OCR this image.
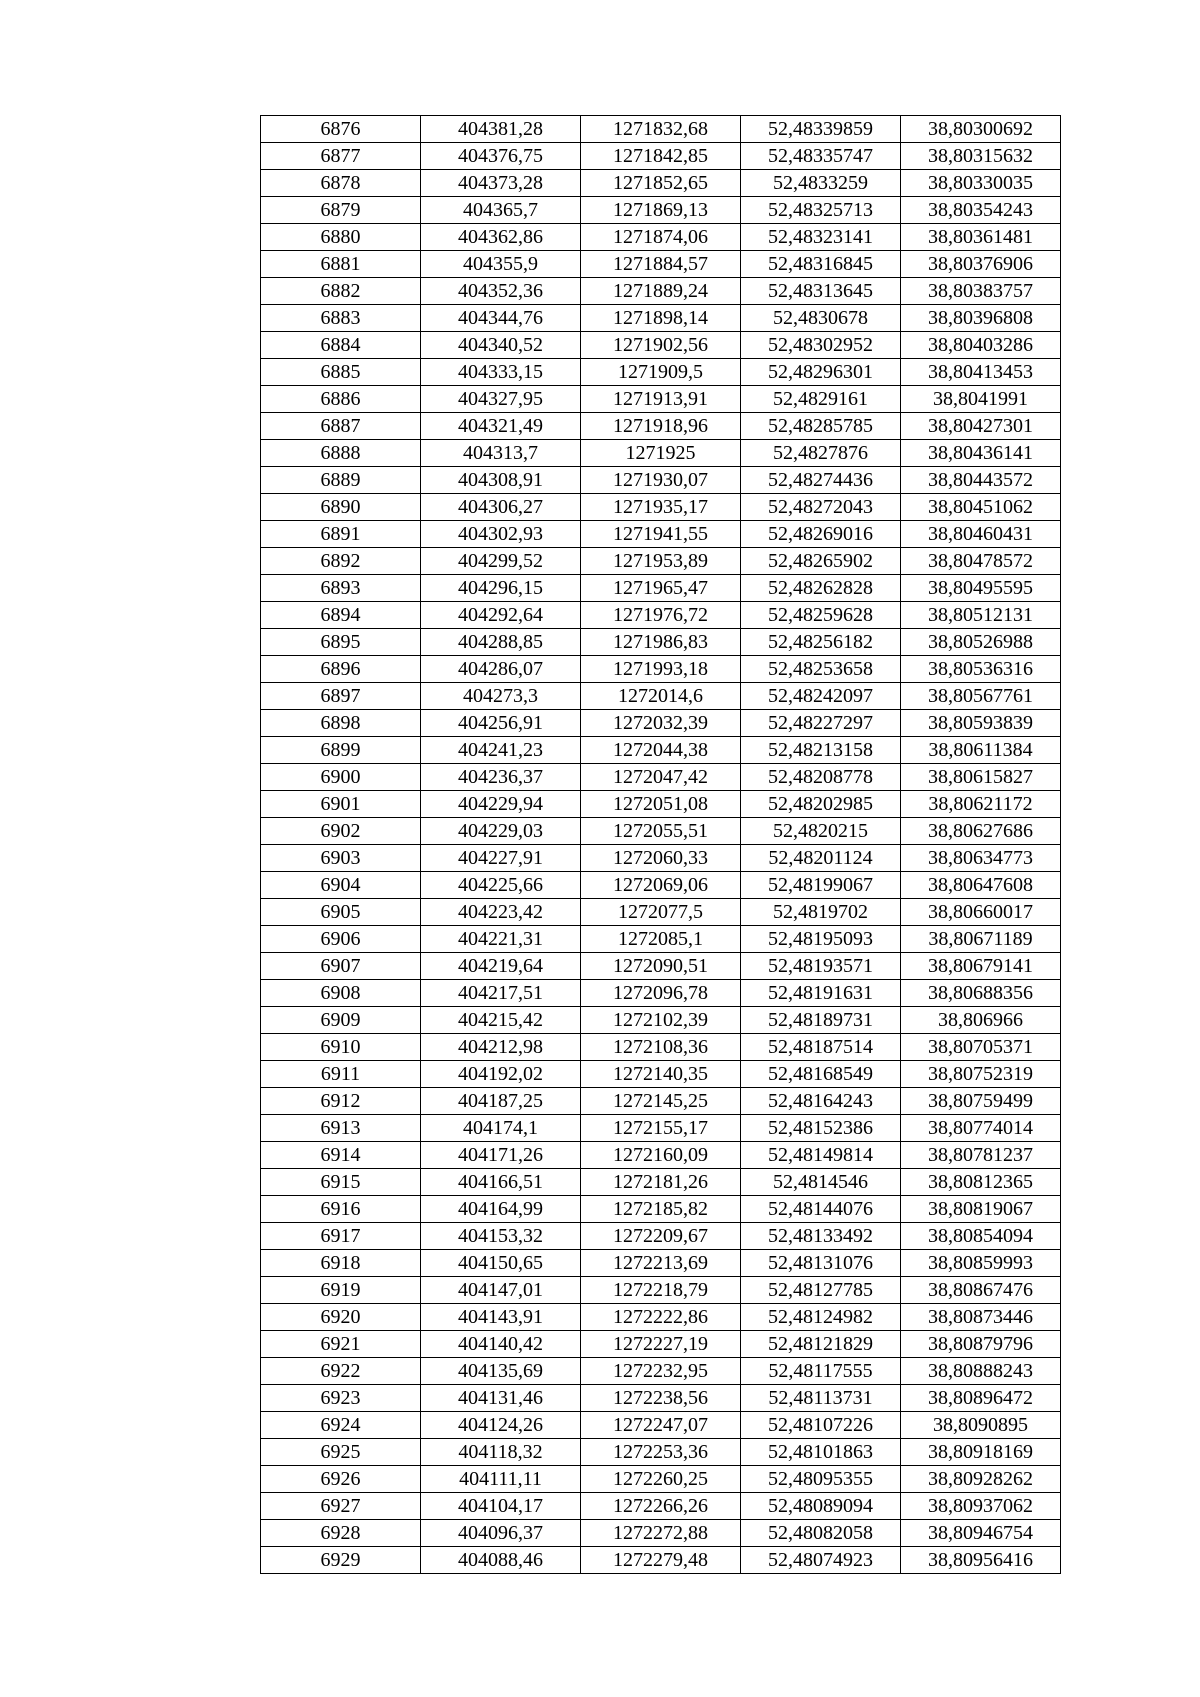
6876	404381,28	1271832,68	52,48339859	38,80300692
6877	404376,75	1271842,85	52,48335747	38,80315632
6878	404373,28	1271852,65	52,4833259	38,80330035
6879	404365,7	1271869,13	52,48325713	38,80354243
6880	404362,86	1271874,06	52,48323141	38,80361481
6881	404355,9	1271884,57	52,48316845	38,80376906
6882	404352,36	1271889,24	52,48313645	38,80383757
6883	404344,76	1271898,14	52,4830678	38,80396808
6884	404340,52	1271902,56	52,48302952	38,80403286
6885	404333,15	1271909,5	52,48296301	38,80413453
6886	404327,95	1271913,91	52,4829161	38,8041991
6887	404321,49	1271918,96	52,48285785	38,80427301
6888	404313,7	1271925	52,4827876	38,80436141
6889	404308,91	1271930,07	52,48274436	38,80443572
6890	404306,27	1271935,17	52,48272043	38,80451062
6891	404302,93	1271941,55	52,48269016	38,80460431
6892	404299,52	1271953,89	52,48265902	38,80478572
6893	404296,15	1271965,47	52,48262828	38,80495595
6894	404292,64	1271976,72	52,48259628	38,80512131
6895	404288,85	1271986,83	52,48256182	38,80526988
6896	404286,07	1271993,18	52,48253658	38,80536316
6897	404273,3	1272014,6	52,48242097	38,80567761
6898	404256,91	1272032,39	52,48227297	38,80593839
6899	404241,23	1272044,38	52,48213158	38,80611384
6900	404236,37	1272047,42	52,48208778	38,80615827
6901	404229,94	1272051,08	52,48202985	38,80621172
6902	404229,03	1272055,51	52,4820215	38,80627686
6903	404227,91	1272060,33	52,48201124	38,80634773
6904	404225,66	1272069,06	52,48199067	38,80647608
6905	404223,42	1272077,5	52,4819702	38,80660017
6906	404221,31	1272085,1	52,48195093	38,80671189
6907	404219,64	1272090,51	52,48193571	38,80679141
6908	404217,51	1272096,78	52,48191631	38,80688356
6909	404215,42	1272102,39	52,48189731	38,806966
6910	404212,98	1272108,36	52,48187514	38,80705371
6911	404192,02	1272140,35	52,48168549	38,80752319
6912	404187,25	1272145,25	52,48164243	38,80759499
6913	404174,1	1272155,17	52,48152386	38,80774014
6914	404171,26	1272160,09	52,48149814	38,80781237
6915	404166,51	1272181,26	52,4814546	38,80812365
6916	404164,99	1272185,82	52,48144076	38,80819067
6917	404153,32	1272209,67	52,48133492	38,80854094
6918	404150,65	1272213,69	52,48131076	38,80859993
6919	404147,01	1272218,79	52,48127785	38,80867476
6920	404143,91	1272222,86	52,48124982	38,80873446
6921	404140,42	1272227,19	52,48121829	38,80879796
6922	404135,69	1272232,95	52,48117555	38,80888243
6923	404131,46	1272238,56	52,48113731	38,80896472
6924	404124,26	1272247,07	52,48107226	38,8090895
6925	404118,32	1272253,36	52,48101863	38,80918169
6926	404111,11	1272260,25	52,48095355	38,80928262
6927	404104,17	1272266,26	52,48089094	38,80937062
6928	404096,37	1272272,88	52,48082058	38,80946754
6929	404088,46	1272279,48	52,48074923	38,80956416
